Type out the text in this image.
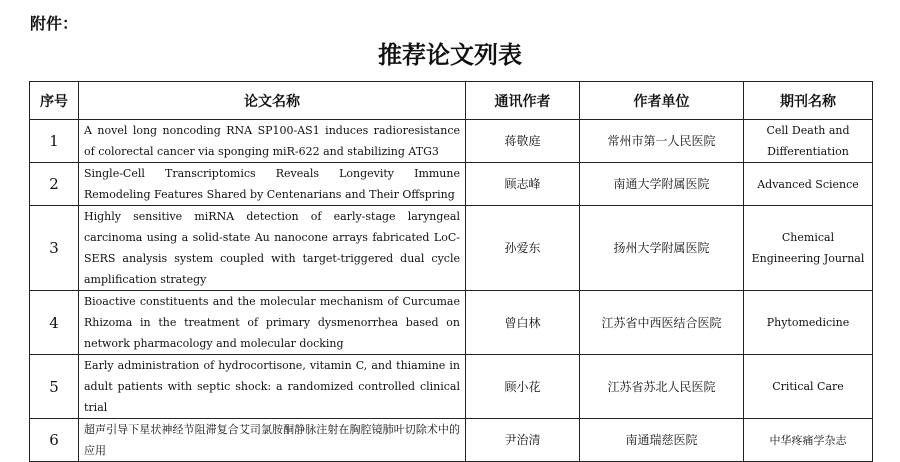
附件：
推荐论文列表
序号	论文名称	通讯作者	作者单位	期刊名称
1	A novel long noncoding RNA SP100-AS1 induces radioresistance of colorectal cancer via sponging miR-622 and stabilizing ATG3	蒋敬庭	常州市第一人民医院	Cell Death and Differentiation
2	Single-Cell Transcriptomics Reveals Longevity Immune Remodeling Features Shared by Centenarians and Their Offspring	顾志峰	南通大学附属医院	Advanced Science
3	Highly sensitive miRNA detection of early-stage laryngeal carcinoma using a solid-state Au nanocone arrays fabricated LoC-SERS analysis system coupled with target-triggered dual cycle amplification strategy	孙爱东	扬州大学附属医院	Chemical Engineering Journal
4	Bioactive constituents and the molecular mechanism of Curcumae Rhizoma in the treatment of primary dysmenorrhea based on network pharmacology and molecular docking	曾白林	江苏省中西医结合医院	Phytomedicine
5	Early administration of hydrocortisone, vitamin C, and thiamine in adult patients with septic shock: a randomized controlled clinical trial	顾小花	江苏省苏北人民医院	Critical Care
6	超声引导下星状神经节阻滞复合艾司氯胺酮静脉注射在胸腔镜肺叶切除术中的应用	尹治清	南通瑞慈医院	中华疼痛学杂志
